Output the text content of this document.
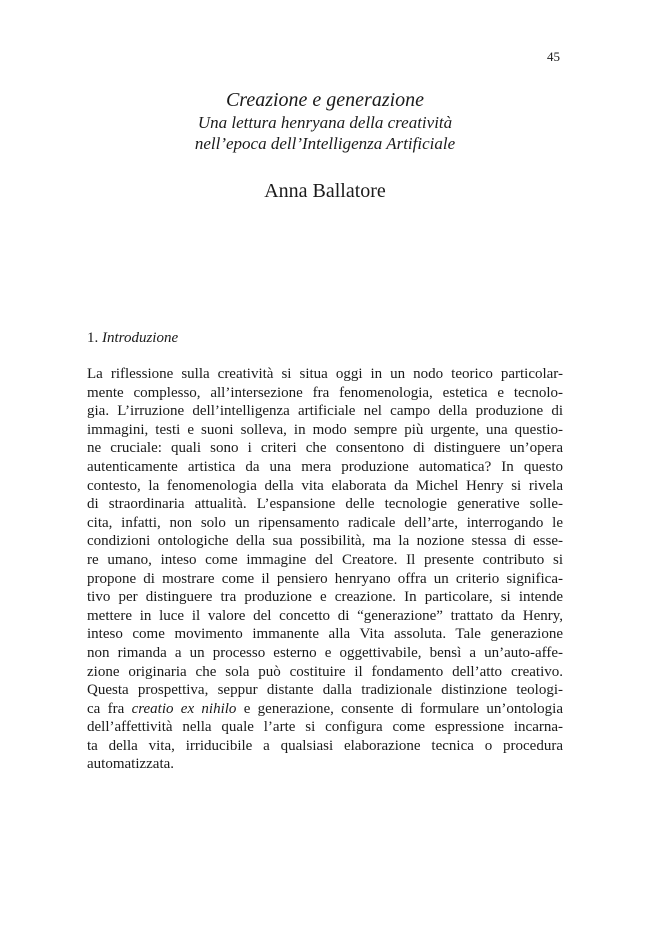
45
Creazione e generazione
Una lettura henryana della creatività
nell’epoca dell’Intelligenza Artificiale
Anna Ballatore
1. Introduzione
La riflessione sulla creatività si situa oggi in un nodo teorico particolar-
mente complesso, all’intersezione fra fenomenologia, estetica e tecnolo-
gia. L’irruzione dell’intelligenza artificiale nel campo della produzione di
immagini, testi e suoni solleva, in modo sempre più urgente, una questio-
ne cruciale: quali sono i criteri che consentono di distinguere un’opera
autenticamente artistica da una mera produzione automatica? In questo
contesto, la fenomenologia della vita elaborata da Michel Henry si rivela
di straordinaria attualità. L’espansione delle tecnologie generative solle-
cita, infatti, non solo un ripensamento radicale dell’arte, interrogando le
condizioni ontologiche della sua possibilità, ma la nozione stessa di esse-
re umano, inteso come immagine del Creatore. Il presente contributo si
propone di mostrare come il pensiero henryano offra un criterio significa-
tivo per distinguere tra produzione e creazione. In particolare, si intende
mettere in luce il valore del concetto di “generazione” trattato da Henry,
inteso come movimento immanente alla Vita assoluta. Tale generazione
non rimanda a un processo esterno e oggettivabile, bensì a un’auto-affe-
zione originaria che sola può costituire il fondamento dell’atto creativo.
Questa prospettiva, seppur distante dalla tradizionale distinzione teologi-
ca fra creatio ex nihilo e generazione, consente di formulare un’ontologia
dell’affettività nella quale l’arte si configura come espressione incarna-
ta della vita, irriducibile a qualsiasi elaborazione tecnica o procedura
automatizzata.
